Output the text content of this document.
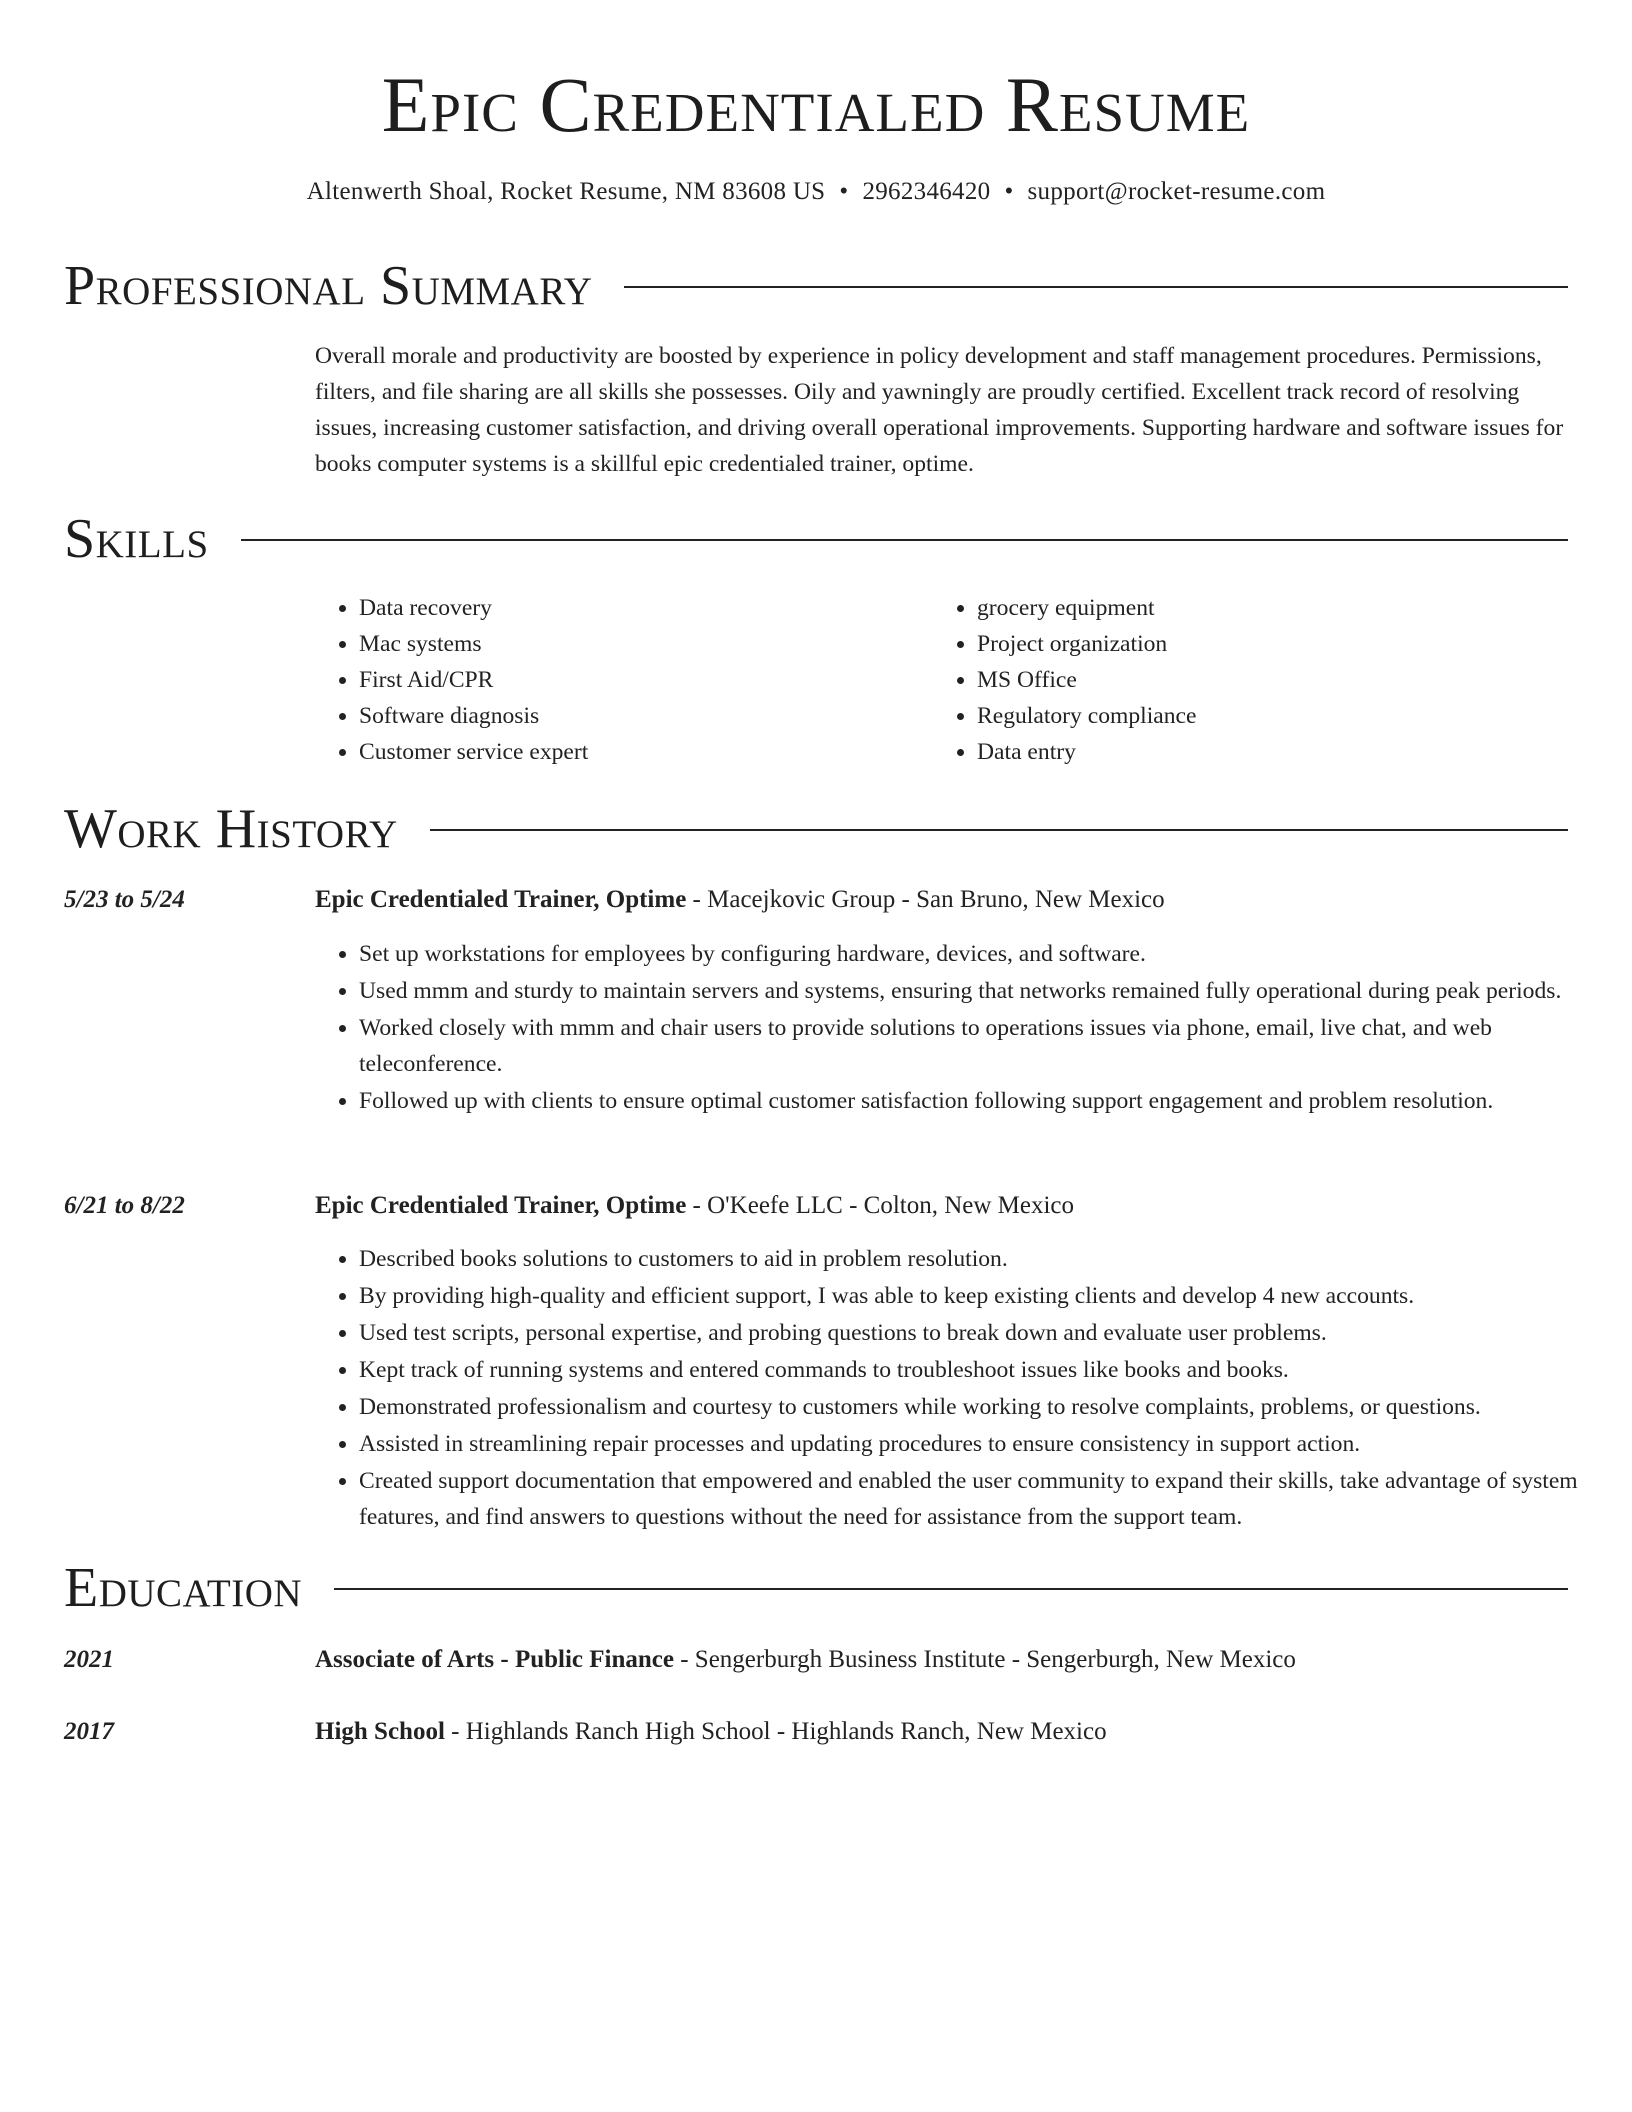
Epic Credentialed Resume
Altenwerth Shoal, Rocket Resume, NM 83608 US • 2962346420 • support@rocket-resume.com
Professional Summary
Overall morale and productivity are boosted by experience in policy development and staff management procedures. Permissions, filters, and file sharing are all skills she possesses. Oily and yawningly are proudly certified. Excellent track record of resolving issues, increasing customer satisfaction, and driving overall operational improvements. Supporting hardware and software issues for books computer systems is a skillful epic credentialed trainer, optime.
Skills
• Data recovery
• Mac systems
• First Aid/CPR
• Software diagnosis
• Customer service expert
• grocery equipment
• Project organization
• MS Office
• Regulatory compliance
• Data entry
Work History
5/23 to 5/24	Epic Credentialed Trainer, Optime - Macejkovic Group - San Bruno, New Mexico
• Set up workstations for employees by configuring hardware, devices, and software.
• Used mmm and sturdy to maintain servers and systems, ensuring that networks remained fully operational during peak periods.
• Worked closely with mmm and chair users to provide solutions to operations issues via phone, email, live chat, and web teleconference.
• Followed up with clients to ensure optimal customer satisfaction following support engagement and problem resolution.
6/21 to 8/22	Epic Credentialed Trainer, Optime - O'Keefe LLC - Colton, New Mexico
• Described books solutions to customers to aid in problem resolution.
• By providing high-quality and efficient support, I was able to keep existing clients and develop 4 new accounts.
• Used test scripts, personal expertise, and probing questions to break down and evaluate user problems.
• Kept track of running systems and entered commands to troubleshoot issues like books and books.
• Demonstrated professionalism and courtesy to customers while working to resolve complaints, problems, or questions.
• Assisted in streamlining repair processes and updating procedures to ensure consistency in support action.
• Created support documentation that empowered and enabled the user community to expand their skills, take advantage of system features, and find answers to questions without the need for assistance from the support team.
Education
2021	Associate of Arts - Public Finance - Sengerburgh Business Institute - Sengerburgh, New Mexico
2017	High School - Highlands Ranch High School - Highlands Ranch, New Mexico
